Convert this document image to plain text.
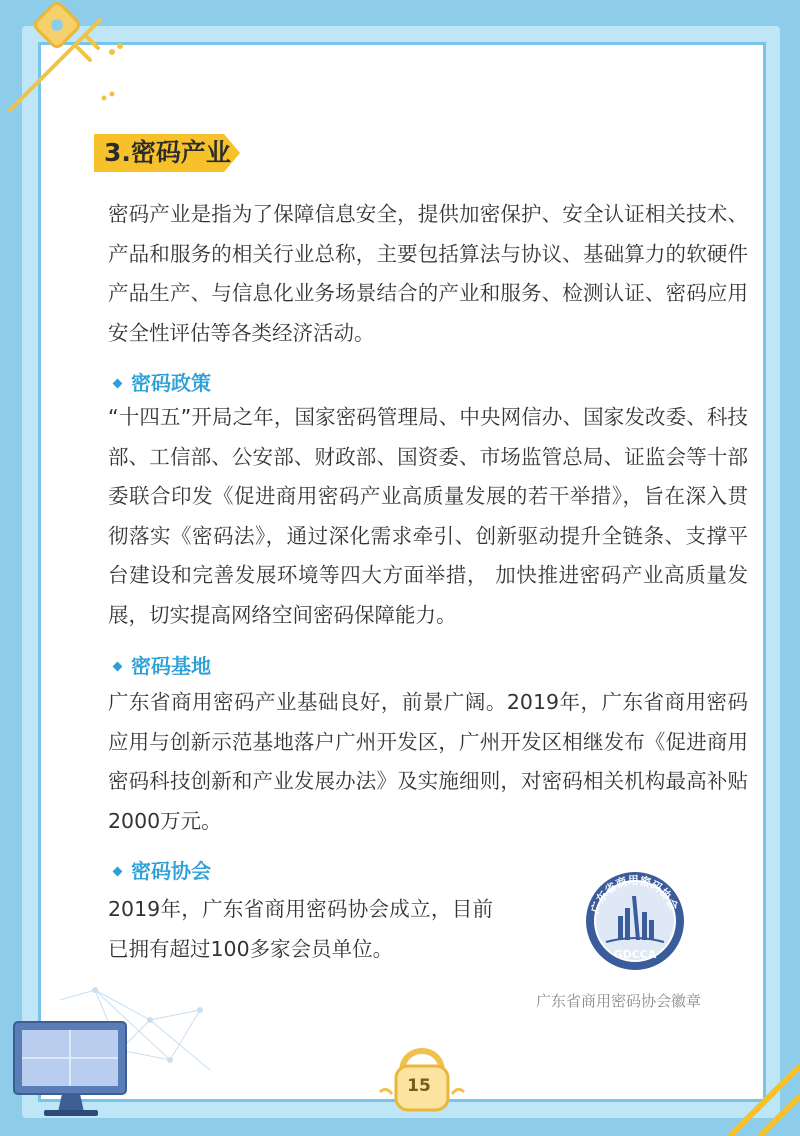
15
3.密码产业

密码产业是指为了保障信息安全，提供加密保护、安全认证相关技术、产品和服务的相关行业总称，主要包括算法与协议、基础算力的软硬件产品生产、与信息化业务场景结合的产业和服务、检测认证、密码应用安全性评估等各类经济活动。

密码政策

“十四五”开局之年，国家密码管理局、中央网信办、国家发改委、科技部、工信部、公安部、财政部、国资委、市场监管总局、证监会等十部委联合印发《促进商用密码产业高质量发展的若干举措》，旨在深入贯彻落实《密码法》，通过深化需求牵引、创新驱动提升全链条、支撑平台建设和完善发展环境等四大方面举措， 加快推进密码产业高质量发展，切实提高网络空间密码保障能力。

密码基地

广东省商用密码产业基础良好，前景广阔。2019年，广东省商用密码应用与创新示范基地落户广州开发区，广州开发区相继发布《促进商用密码科技创新和产业发展办法》及实施细则，对密码相关机构最高补贴2000万元。

密码协会

2019年，广东省商用密码协会成立，目前已拥有超过100多家会员单位。

广东省商用密码协会
GDCCA
广东省商用密码协会徽章
